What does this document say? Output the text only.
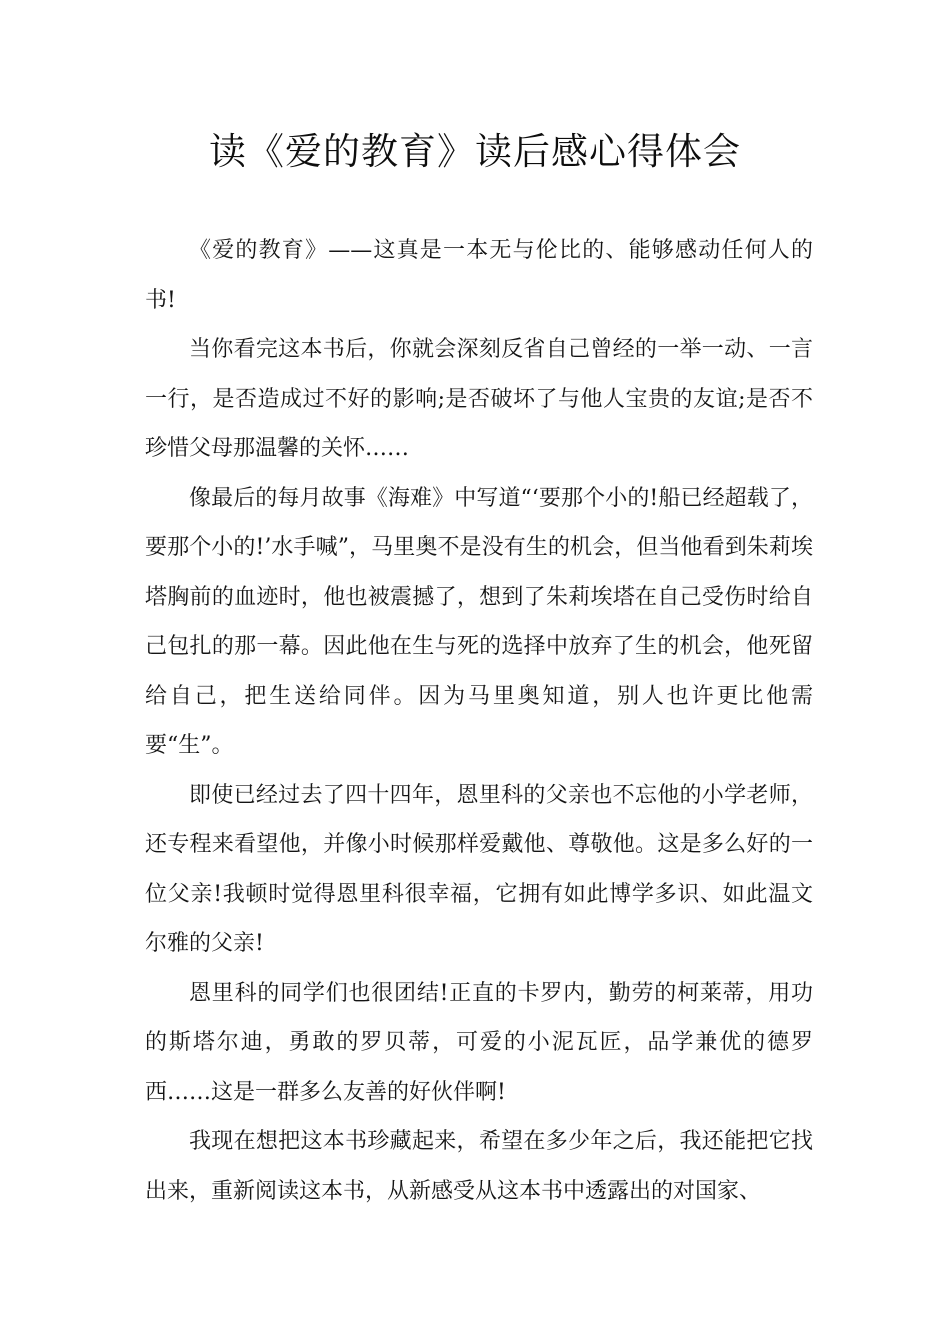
读《爱的教育》读后感心得体会

《爱的教育》——这真是一本无与伦比的、能够感动任何人的书!

当你看完这本书后，你就会深刻反省自己曾经的一举一动、一言一行，是否造成过不好的影响;是否破坏了与他人宝贵的友谊;是否不珍惜父母那温馨的关怀……

像最后的每月故事《海难》中写道“‘要那个小的!船已经超载了，要那个小的!’水手喊”，马里奥不是没有生的机会，但当他看到朱莉埃塔胸前的血迹时，他也被震撼了，想到了朱莉埃塔在自己受伤时给自己包扎的那一幕。因此他在生与死的选择中放弃了生的机会，他死留给自己，把生送给同伴。因为马里奥知道，别人也许更比他需要“生”。

即使已经过去了四十四年，恩里科的父亲也不忘他的小学老师，还专程来看望他，并像小时候那样爱戴他、尊敬他。这是多么好的一位父亲!我顿时觉得恩里科很幸福，它拥有如此博学多识、如此温文尔雅的父亲!

恩里科的同学们也很团结!正直的卡罗内，勤劳的柯莱蒂，用功的斯塔尔迪，勇敢的罗贝蒂，可爱的小泥瓦匠，品学兼优的德罗西……这是一群多么友善的好伙伴啊!

我现在想把这本书珍藏起来，希望在多少年之后，我还能把它找出来，重新阅读这本书，从新感受从这本书中透露出的对国家、
